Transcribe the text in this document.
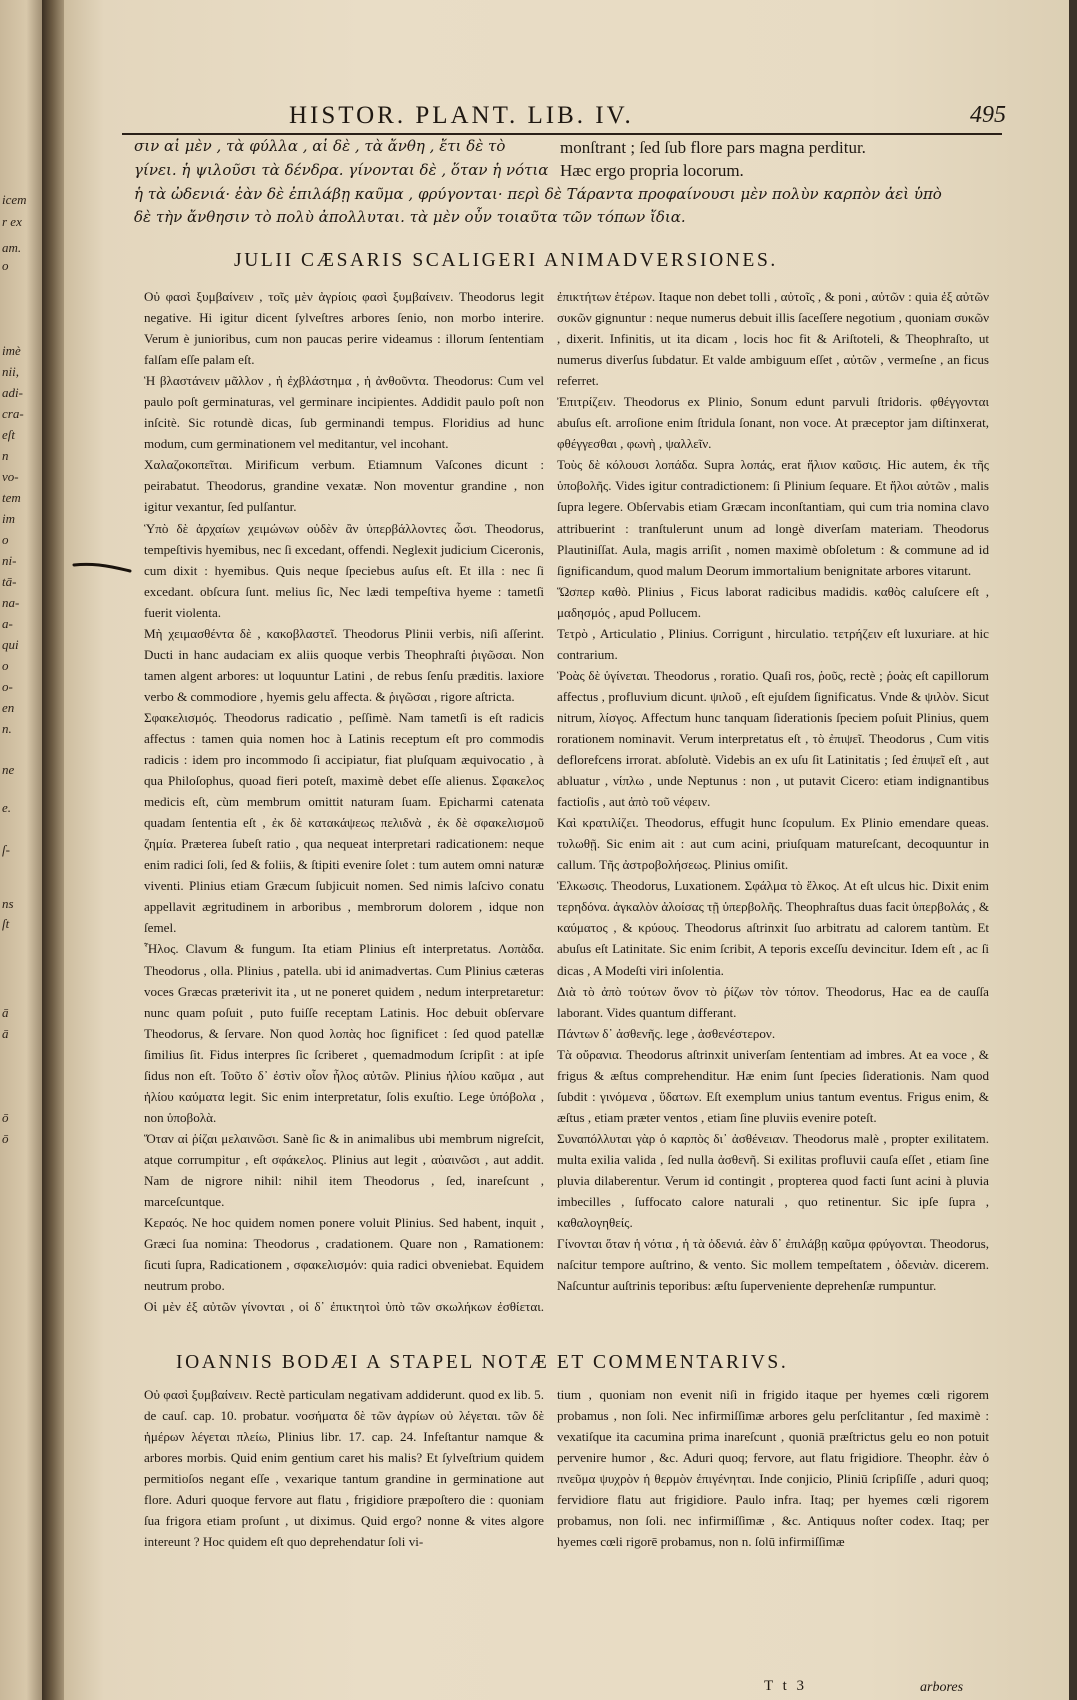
icem
r ex
am.
o
imè
nii,
adi-
cra-
eſt
n
vo-
tem
im
o
ni-
tā-
na-
a-
qui
o
o-
en
n.
ne
e.
ſ-
ns
ſt
ā
ā
ō
ō
HISTOR. PLANT. LIB. IV.	495
σιν αἱ μὲν , τὰ φύλλα , αἱ δὲ , τὰ ἄνθη , ἔτι δὲ τὸ
γίνει. ἡ ψιλοῦσι τὰ δένδρα. γίνονται δὲ , ὅταν ἡ νότια
ἡ τὰ ὠδενιά· ἐὰν δὲ ἐπιλάβῃ καῦμα , φρύγονται· περὶ δὲ Τάραντα προφαίνουσι μὲν πολὺν καρπὸν ἀεὶ ὑπὸ
δὲ τὴν ἄνθησιν τὸ πολὺ ἀπολλυται. τὰ μὲν οὖν τοιαῦτα τῶν τόπων ἴδια.
monſtrant ; ſed ſub flore pars magna perditur.
Hæc ergo propria locorum.
JULII CÆSARIS SCALIGERI ANIMADVERSIONES.

Οὐ φασὶ ξυμβαίνειν , τοῖς μὲν ἀγρίοις φασὶ ξυμβαίνειν. Theodorus legit negative. Hi igitur dicent ſylveſtres arbores ſenio, non morbo interire. Verum è junioribus, cum non paucas perire videamus : illorum ſententiam falſam eſſe palam eſt.

Ἡ βλαστάνειν μᾶλλον , ἡ ἐχβλάστημα , ἡ ἀνθοῦντα. Theodorus: Cum vel paulo poſt germinaturas, vel germinare incipientes. Addidit paulo poſt non inſcitè. Sic rotundè dicas, ſub germinandi tempus. Floridius ad hunc modum, cum germinationem vel meditantur, vel incohant.

Χαλαζοκοπεῖται. Mirificum verbum. Etiamnum Vaſcones dicunt : peirabatut. Theodorus, grandine vexatæ. Non moventur grandine , non igitur vexantur, ſed pulſantur.

Ὑπὸ δὲ ἀρχαίων χειμώνων οὐδὲν ἂν ὑπερβάλλοντες ὦσι. Theodorus, tempeſtivis hyemibus, nec ſi excedant, offendi. Neglexit judicium Ciceronis, cum dixit : hyemibus. Quis neque ſpeciebus auſus eſt. Et illa : nec ſi excedant. obſcura ſunt. melius ſic, Nec lædi tempeſtiva hyeme : tametſi fuerit violenta.

Μὴ χειμασθέντα δὲ , κακοβλαστεῖ. Theodorus Plinii verbis, niſi aſſerint. Ducti in hanc audaciam ex aliis quoque verbis Theophraſti ῥιγῶσαι. Non tamen algent arbores: ut loquuntur Latini , de rebus ſenſu præditis. laxiore verbo & commodiore , hyemis gelu affecta. & ῥιγῶσαι , rigore aſtricta.

Σφακελισμός. Theodorus radicatio , peſſimè. Nam tametſi is eſt radicis affectus : tamen quia nomen hoc à Latinis receptum eſt pro commodis radicis : idem pro incommodo ſi accipiatur, fiat pluſquam æquivocatio , à qua Philoſophus, quoad fieri poteſt, maximè debet eſſe alienus. Σφακελος medicis eſt, cùm membrum omittit naturam ſuam. Epicharmi catenata quadam ſententia eſt , ἐκ δὲ κατακάψεως πελιδνὰ , ἐκ δὲ σφακελισμοῦ ζημία. Præterea ſubeſt ratio , qua nequeat interpretari radicationem: neque enim radici ſoli, ſed & foliis, & ſtipiti evenire ſolet : tum autem omni naturæ viventi. Plinius etiam Græcum ſubjicuit nomen. Sed nimis laſcivo conatu appellavit ægritudinem in arboribus , membrorum dolorem , idque non ſemel.

Ἧλος. Clavum & fungum. Ita etiam Plinius eſt interpretatus. Λοπὰδα. Theodorus , olla. Plinius , patella. ubi id animadvertas. Cum Plinius cæteras voces Græcas præterivit ita , ut ne poneret quidem , nedum interpretaretur: nunc quam poſuit , puto fuiſſe receptam Latinis. Hoc debuit obſervare Theodorus, & ſervare. Non quod λοπὰς hoc ſignificet : ſed quod patellæ ſimilius ſit. Fidus interpres ſic ſcriberet , quemadmodum ſcripſit : at ipſe ſidus non eſt. Τοῦτο δ᾽ ἐστὶν οἷον ἧλος αὐτῶν. Plinius ἡλίου καῦμα , aut ἡλίου καύματα legit. Sic enim interpretatur, ſolis exuſtio. Lege ὑπόβολα , non ὑποβολὰ.

Ὅταν αἱ ῥίζαι μελαινῶσι. Sanè ſic & in animalibus ubi membrum nigreſcit, atque corrumpitur , eſt σφάκελος. Plinius aut legit , αὐαινῶσι , aut addit. Nam de nigrore nihil: nihil item Theodorus , ſed, inareſcunt , marceſcuntque.

Κεραός. Ne hoc quidem nomen ponere voluit Plinius. Sed habent, inquit , Græci ſua nomina: Theodorus , cradationem. Quare non , Ramationem: ſicuti ſupra, Radicationem , σφακελισμόν: quia radici obveniebat. Equidem neutrum probo.

Οἱ μὲν ἐξ αὐτῶν γίνονται , οἱ δ᾽ ἐπικτητοὶ ὑπὸ τῶν σκωλήκων ἐσθίεται.

ἐπικτήτων ἑτέρων. Itaque non debet tolli , αὐτοῖς , & poni , αὐτῶν : quia ἐξ αὐτῶν συκῶν gignuntur : neque numerus debuit illis ſaceſſere negotium , quoniam συκῶν , dixerit. Infinitis, ut ita dicam , locis hoc fit & Ariſtoteli, & Theophraſto, ut numerus diverſus ſubdatur. Et valde ambiguum eſſet , αὐτῶν , vermeſne , an ficus referret.

Ἐπιτρίζειν. Theodorus ex Plinio, Sonum edunt parvuli ſtridoris. φθέγγονται abuſus eſt. arroſione enim ſtridula ſonant, non voce. At præceptor jam diſtinxerat, φθέγγεσθαι , φωνὴ , ψαλλεῖν.

Τοὺς δὲ κόλουσι λοπάδα. Supra λοπάς, erat ἥλιον καῦσις. Hic autem, ἐκ τῆς ὑποβολῆς. Vides igitur contradictionem: ſi Plinium ſequare. Et ἥλοι αὐτῶν , malis ſupra legere. Obſervabis etiam Græcam inconſtantiam, qui cum tria nomina clavo attribuerint : tranſtulerunt unum ad longè diverſam materiam. Theodorus Plautiniſſat. Aula, magis arriſit , nomen maximè obſoletum : & commune ad id ſignificandum, quod malum Deorum immortalium benignitate arbores vitarunt.

Ὥσπερ καθὸ. Plinius , Ficus laborat radicibus madidis. καθὸς caluſcere eſt , μαδησμός , apud Pollucem.

Τετρὸ , Articulatio , Plinius. Corrigunt , hirculatio. τετρήζειν eſt luxuriare. at hic contrarium.

Ῥοὰς δὲ ὑγίνεται. Theodorus , roratio. Quaſi ros, ῥοῦς, rectè ; ῥοὰς eſt capillorum affectus , profluvium dicunt. ψιλοῦ , eſt ejuſdem ſignificatus. Vnde & ψιλὸν. Sicut nitrum, λίσγος. Affectum hunc tanquam ſiderationis ſpeciem poſuit Plinius, quem rorationem nominavit. Verum interpretatus eſt , τὸ ἐπιψεῖ. Theodorus , Cum vitis deflorefcens irrorat. abſolutè. Videbis an ex uſu ſit Latinitatis ; ſed ἐπιψεῖ eſt , aut abluatur , νίπλω , unde Neptunus : non , ut putavit Cicero: etiam indignantibus factioſis , aut ἀπὸ τοῦ νέφειν.

Καὶ κρατιλίζει. Theodorus, effugit hunc ſcopulum. Ex Plinio emendare queas. τυλωθῇ. Sic enim ait : aut cum acini, priuſquam matureſcant, decoquuntur in callum. Τῆς ἀστροβολήσεως. Plinius omiſit.

Ἑλκωσις. Theodorus, Luxationem. Σφάλμα τὸ ἕλκος. At eſt ulcus hic. Dixit enim τερηδόνα. ἀγκαλὸν ἀλοίσας τῇ ὑπερβολῆς. Theophraſtus duas facit ὑπερβολάς , & καύματος , & κρύους. Theodorus aſtrinxit ſuo arbitratu ad calorem tantùm. Et abuſus eſt Latinitate. Sic enim ſcribit, A teporis exceſſu devincitur. Idem eſt , ac ſi dicas , A Modeſti viri inſolentia.

Διὰ τὸ ἀπὸ τούτων ὄνον τὸ ῥίζων τὸν τόπον. Theodorus, Hac ea de cauſſa laborant. Vides quantum differant.

Πάντων δ᾽ ἀσθενῆς. lege , ἀσθενέστερον.

Τὰ οὔρανια. Theodorus aſtrinxit univerſam ſententiam ad imbres. At ea voce , & frigus & æſtus comprehenditur. Hæ enim ſunt ſpecies ſiderationis. Nam quod ſubdit : γινόμενα , ὕδατων. Eſt exemplum unius tantum eventus. Frigus enim, & æſtus , etiam præter ventos , etiam ſine pluviis evenire poteſt.

Συναπόλλυται γὰρ ὁ καρπὸς δι᾽ ἀσθένειαν. Theodorus malè , propter exilitatem. multa exilia valida , ſed nulla ἀσθενῆ. Si exilitas profluvii cauſa eſſet , etiam ſine pluvia dilaberentur. Verum id contingit , propterea quod facti ſunt acini à pluvia imbecilles , ſuffocato calore naturali , quo retinentur. Sic ipſe ſupra , καθαλογηθείς.

Γίνονται ὅταν ἡ νότια , ἡ τὰ ὀδενιά. ἐὰν δ᾽ ἐπιλάβῃ καῦμα φρύγονται. Theodorus, naſcitur tempore auſtrino, & vento. Sic mollem tempeſtatem , ὀδενιὰν. dicerem. Naſcuntur auſtrinis teporibus: æſtu ſuperveniente deprehenſæ rumpuntur.

IOANNIS BODÆI A STAPEL NOTÆ ET COMMENTARIVS.

Οὐ φασὶ ξυμβαίνειν. Rectè particulam negativam addiderunt. quod ex lib. 5. de cauſ. cap. 10. probatur. νοσήματα δὲ τῶν ἀγρίων οὐ λέγεται. τῶν δὲ ἡμέρων λέγεται πλείω, Plinius libr. 17. cap. 24. Infeſtantur namque & arbores morbis. Quid enim gentium caret his malis? Et ſylveſtrium quidem permitioſos negant eſſe , vexarique tantum grandine in germinatione aut flore. Aduri quoque fervore aut flatu , frigidiore præpoſtero die : quoniam ſua frigora etiam proſunt , ut diximus. Quid ergo? nonne & vites algore intereunt ? Hoc quidem eſt quo deprehendatur ſoli vi-

tium , quoniam non evenit niſi in frigido itaque per hyemes cœli rigorem probamus , non ſoli. Nec infirmiſſimæ arbores gelu perſclitantur , ſed maximè : vexatiſque ita cacumina prima inareſcunt , quoniā præſtrictus gelu eo non potuit pervenire humor , &c. Aduri quoq; fervore, aut flatu frigidiore. Theophr. ἐὰν ὁ πνεῦμα ψυχρὸν ἡ θερμὸν ἐπιγένηται. Inde conjicio, Pliniū ſcripſiſſe , aduri quoq; fervidiore flatu aut frigidiore. Paulo infra. Itaq; per hyemes cœli rigorem probamus, non ſoli. nec infirmiſſimæ , &c. Antiquus noſter codex. Itaq; per hyemes cœli rigorē probamus, non n. ſolū infirmiſſimæ

T t 3	arbores
